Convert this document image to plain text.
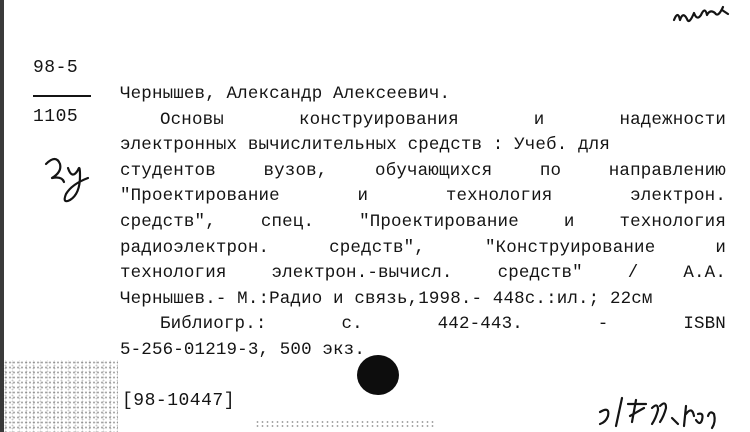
98-5
1105
Чернышев, Александр Алексеевич.
Основы	конструирования	и	надежности
электронных вычислительных средств : Учеб. для
студентов	вузов,	обучающихся	по	направлению
"Проектирование	и	технология	электрон.
средств",	спец.	"Проектирование	и	технология
радиоэлектрон.	средств",	"Конструирование	и
технология	электрон.-вычисл.	средств"	/	А.А.
Чернышев.- М.:Радио и связь,1998.- 448с.:ил.; 22см
Библиогр.:	с.	442-443.	-	ISBN
5-256-01219-3, 500 экз.
[98-10447]
